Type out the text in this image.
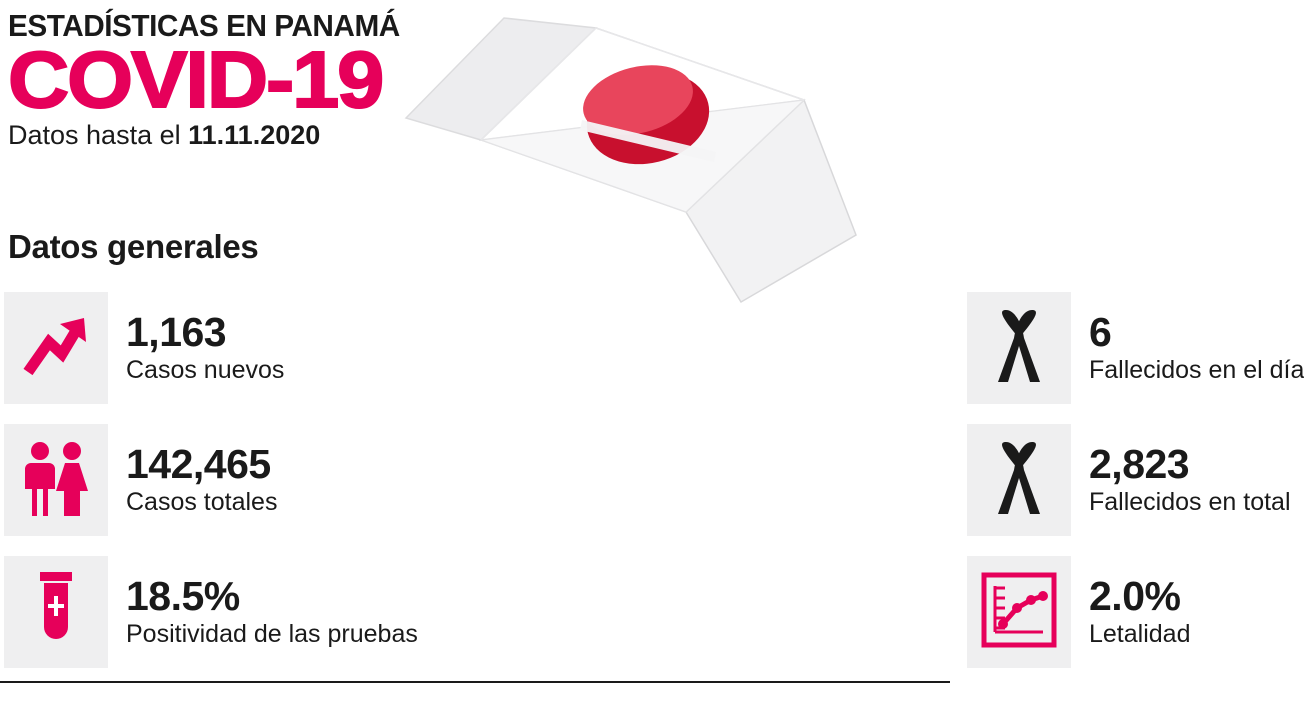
ESTADÍSTICAS EN PANAMÁ
COVID-19
Datos hasta el 11.11.2020
Datos generales
1,163
Casos nuevos
6
Fallecidos en el día
142,465
Casos totales
2,823
Fallecidos en total
18.5%
Positividad de las pruebas
2.0%
Letalidad
